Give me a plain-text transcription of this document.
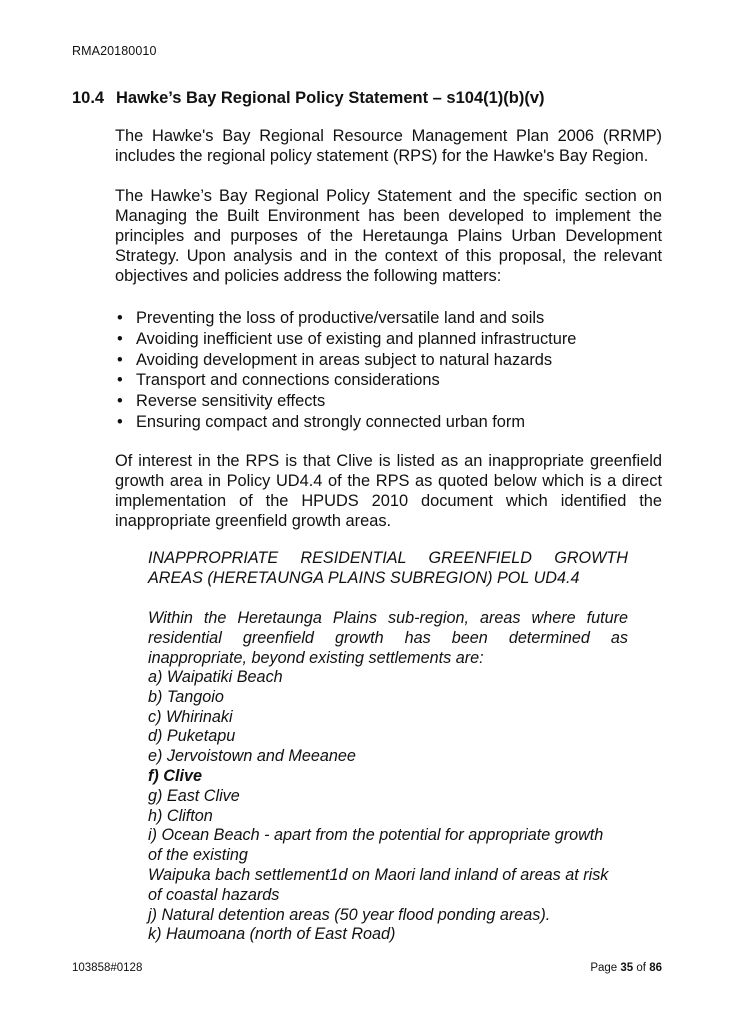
RMA20180010
10.4 Hawke’s Bay Regional Policy Statement – s104(1)(b)(v)
The Hawke's Bay Regional Resource Management Plan 2006 (RRMP) includes the regional policy statement (RPS) for the Hawke's Bay Region.
The Hawke’s Bay Regional Policy Statement and the specific section on Managing the Built Environment has been developed to implement the principles and purposes of the Heretaunga Plains Urban Development Strategy. Upon analysis and in the context of this proposal, the relevant objectives and policies address the following matters:
• Preventing the loss of productive/versatile land and soils
• Avoiding inefficient use of existing and planned infrastructure
• Avoiding development in areas subject to natural hazards
• Transport and connections considerations
• Reverse sensitivity effects
• Ensuring compact and strongly connected urban form
Of interest in the RPS is that Clive is listed as an inappropriate greenfield growth area in Policy UD4.4 of the RPS as quoted below which is a direct implementation of the HPUDS 2010 document which identified the inappropriate greenfield growth areas.
INAPPROPRIATE RESIDENTIAL GREENFIELD GROWTH AREAS (HERETAUNGA PLAINS SUBREGION) POL UD4.4
Within the Heretaunga Plains sub-region, areas where future residential greenfield growth has been determined as inappropriate, beyond existing settlements are:
a) Waipatiki Beach
b) Tangoio
c) Whirinaki
d) Puketapu
e) Jervoistown and Meeanee
f) Clive
g) East Clive
h) Clifton
i) Ocean Beach - apart from the potential for appropriate growth
of the existing
Waipuka bach settlement1d on Maori land inland of areas at risk
of coastal hazards
j) Natural detention areas (50 year flood ponding areas).
k) Haumoana (north of East Road)
103858#0128	Page 35 of 86
